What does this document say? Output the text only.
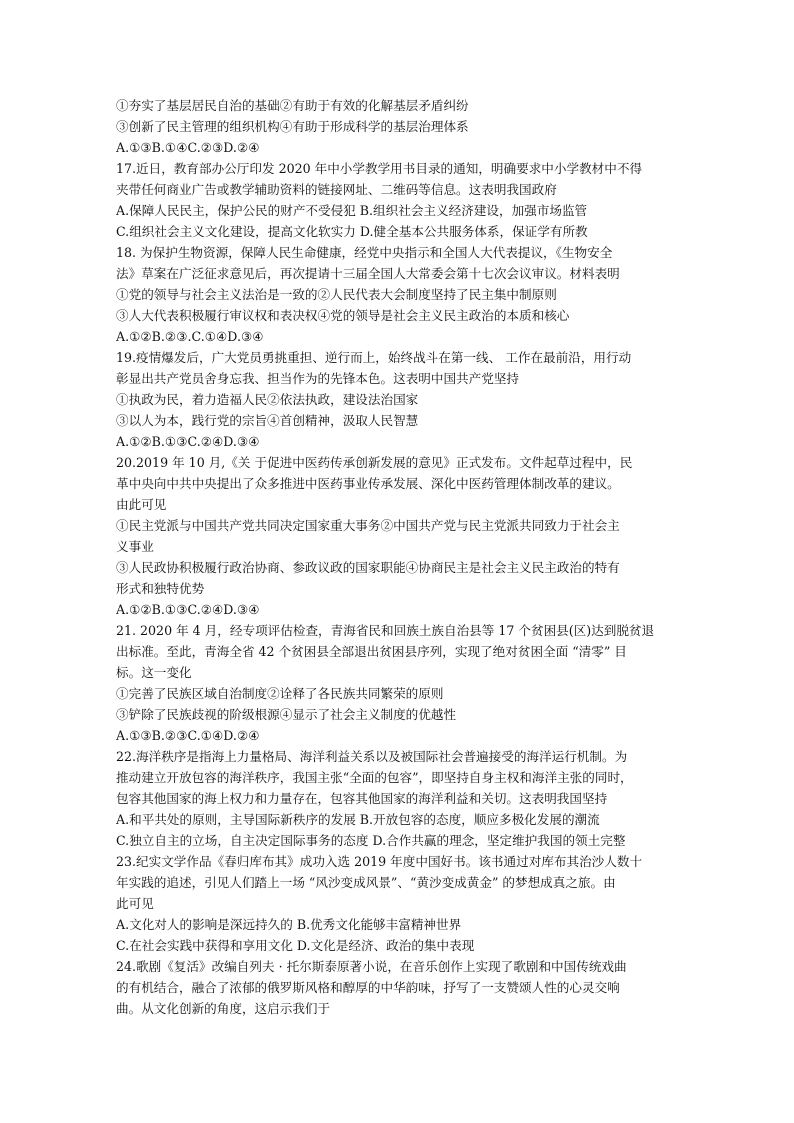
①夯实了基层居民自治的基础②有助于有效的化解基层矛盾纠纷
③创新了民主管理的组织机构④有助于形成科学的基层治理体系
A.①③B.①④C.②③D.②④
17.近日，教育部办公厅印发 2020 年中小学教学用书目录的通知，明确要求中小学教材中不得
夹带任何商业广告或教学辅助资料的链接网址、二维码等信息。这表明我国政府
A.保障人民民主，保护公民的财产不受侵犯 B.组织社会主义经济建设，加强市场监管
C.组织社会主义文化建设，提高文化软实力 D.健全基本公共服务体系，保证学有所教
18. 为保护生物资源，保障人民生命健康，经党中央指示和全国人大代表提议，《生物安全
法》草案在广泛征求意见后，再次提请十三届全国人大常委会第十七次会议审议。材料表明
①党的领导与社会主义法治是一致的②人民代表大会制度坚持了民主集中制原则
③人大代表积极履行审议权和表决权④党的领导是社会主义民主政治的本质和核心
A.①②B.②③.C.①④D.③④
19.疫情爆发后，广大党员勇挑重担、逆行而上，始终战斗在第一线、 工作在最前沿，用行动
彰显出共产党员舍身忘我、担当作为的先锋本色。这表明中国共产党坚持
①执政为民，着力造福人民②依法执政，建设法治国家
③以人为本，践行党的宗旨④首创精神，汲取人民智慧
A.①②B.①③C.②④D.③④
20.2019 年 10 月,《关 于促进中医药传承创新发展的意见》正式发布。文件起草过程中，民
革中央向中共中央提出了众多推进中医药事业传承发展、深化中医药管理体制改革的建议。
由此可见
①民主党派与中国共产党共同决定国家重大事务②中国共产党与民主党派共同致力于社会主
义事业
③人民政协积极履行政治协商、参政议政的国家职能④协商民主是社会主义民主政治的特有
形式和独特优势
A.①②B.①③C.②④D.③④
21. 2020 年 4 月，经专项评估检查，青海省民和回族土族自治县等 17 个贫困县(区)达到脱贫退
出标准。至此，青海全省 42 个贫困县全部退出贫困县序列，实现了绝对贫困全面 “清零” 目
标。这一变化
①完善了民族区域自治制度②诠释了各民族共同繁荣的原则
③铲除了民族歧视的阶级根源④显示了社会主义制度的优越性
A.①③B.②③C.①④D.②④
22.海洋秩序是指海上力量格局、海洋利益关系以及被国际社会普遍接受的海洋运行机制。为
推动建立开放包容的海洋秩序，我国主张“全面的包容”，即坚持自身主权和海洋主张的同时，
包容其他国家的海上权力和力量存在，包容其他国家的海洋利益和关切。这表明我国坚持
A.和平共处的原则，主导国际新秩序的发展 B.开放包容的态度，顺应多极化发展的潮流
C.独立自主的立场，自主决定国际事务的态度 D.合作共赢的理念，坚定维护我国的领土完整
23.纪实文学作品《春归库布其》成功入选 2019 年度中国好书。该书通过对库布其治沙人数十
年实践的追述，引见人们踏上一场 “风沙变成风景”、“黄沙变成黄金” 的梦想成真之旅。由
此可见
A.文化对人的影响是深远持久的 B.优秀文化能够丰富精神世界
C.在社会实践中获得和享用文化 D.文化是经济、政治的集中表现
24.歌剧《复活》改编自列夫 · 托尔斯泰原著小说，在音乐创作上实现了歌剧和中国传统戏曲
的有机结合，融合了浓郁的俄罗斯风格和醇厚的中华韵味，抒写了一支赞颂人性的心灵交响
曲。从文化创新的角度，这启示我们于
